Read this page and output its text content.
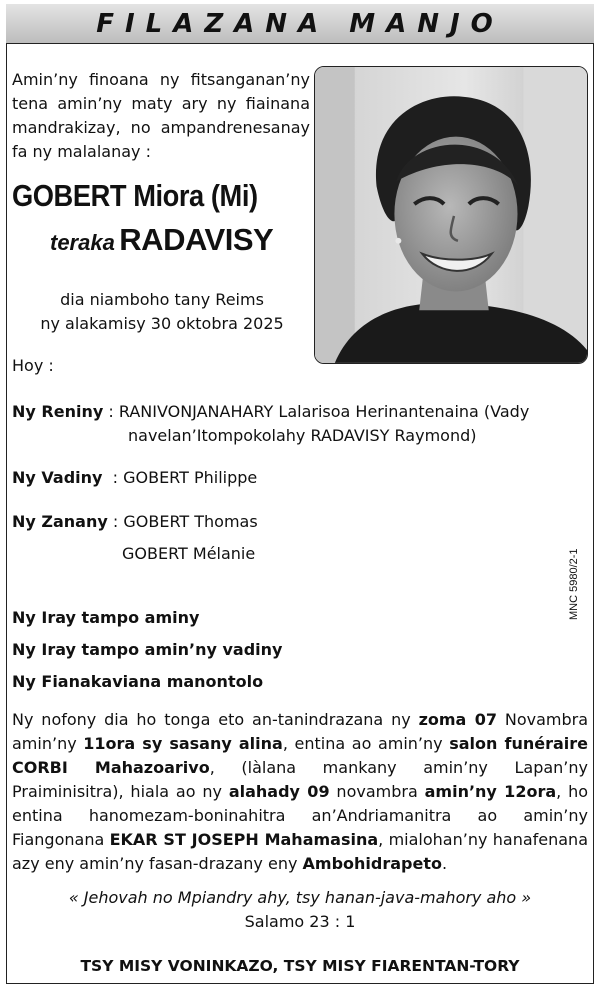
FILAZANA MANJO

Amin’ny finoana ny fitsanganan’ny tena amin’ny maty ary ny fiainana mandrakizay, no ampandrenesanay fa ny malalanay :

GOBERT Miora (Mi)
teraka RADAVISY
dia niamboho tany Reims
ny alakamisy 30 oktobra 2025
Hoy :
Ny Reniny : RANIVONJANAHARY Lalarisoa Herinantenaina (Vady
navelan’Itompokolahy RADAVISY Raymond)
Ny Vadiny : GOBERT Philippe
Ny Zanany : GOBERT Thomas
GOBERT Mélanie	MNC 5980/2-1
Ny Iray tampo aminy
Ny Iray tampo amin’ny vadiny
Ny Fianakaviana manontolo

Ny nofony dia ho tonga eto an-tanindrazana ny zoma 07 Novambra amin’ny 11ora sy sasany alina, entina ao amin’ny salon funéraire CORBI Mahazoarivo, (làlana mankany amin’ny Lapan’ny Praiminisitra), hiala ao ny alahady 09 novambra amin’ny 12ora, ho entina hanomezam-boninahitra an’Andriamanitra ao amin’ny Fiangonana EKAR ST JOSEPH Mahamasina, mialohan’ny hanafenana azy eny amin’ny fasan-drazany eny Ambohidrapeto.

« Jehovah no Mpiandry ahy, tsy hanan-java-mahory aho »
Salamo 23 : 1
TSY MISY VONINKAZO, TSY MISY FIARENTAN-TORY
